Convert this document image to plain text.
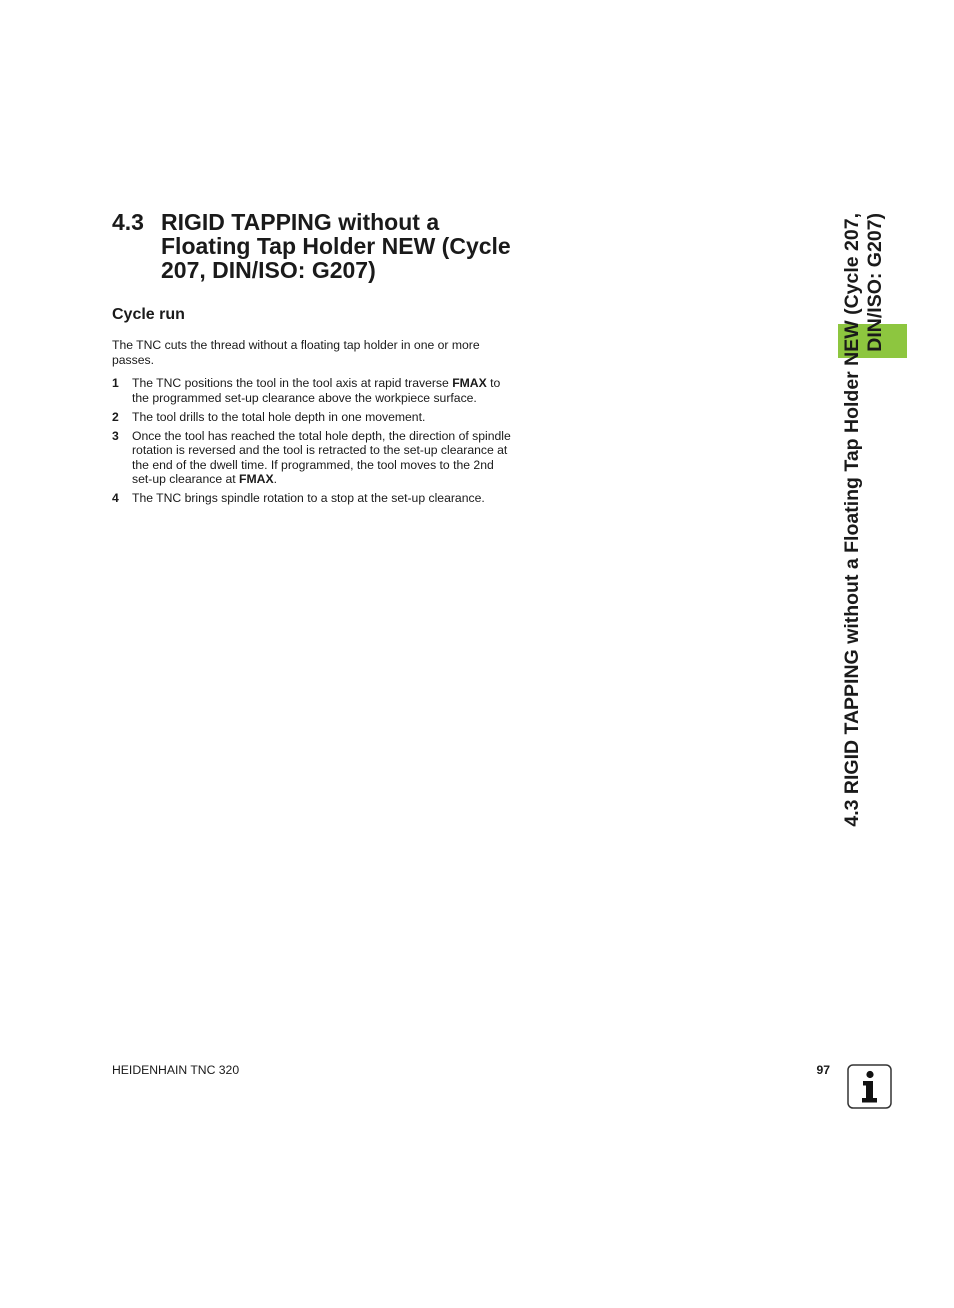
4.3 RIGID TAPPING without a Floating Tap Holder NEW (Cycle 207, DIN/ISO: G207)
Cycle run

The TNC cuts the thread without a floating tap holder in one or more passes.

1 The TNC positions the tool in the tool axis at rapid traverse FMAX to the programmed set-up clearance above the workpiece surface.
2 The tool drills to the total hole depth in one movement.
3 Once the tool has reached the total hole depth, the direction of spindle rotation is reversed and the tool is retracted to the set-up clearance at the end of the dwell time. If programmed, the tool moves to the 2nd set-up clearance at FMAX.
4 The TNC brings spindle rotation to a stop at the set-up clearance.	4.3 RIGID TAPPING without a Floating Tap Holder NEW (Cycle 207, DIN/ISO: G207)
HEIDENHAIN TNC 320	97
